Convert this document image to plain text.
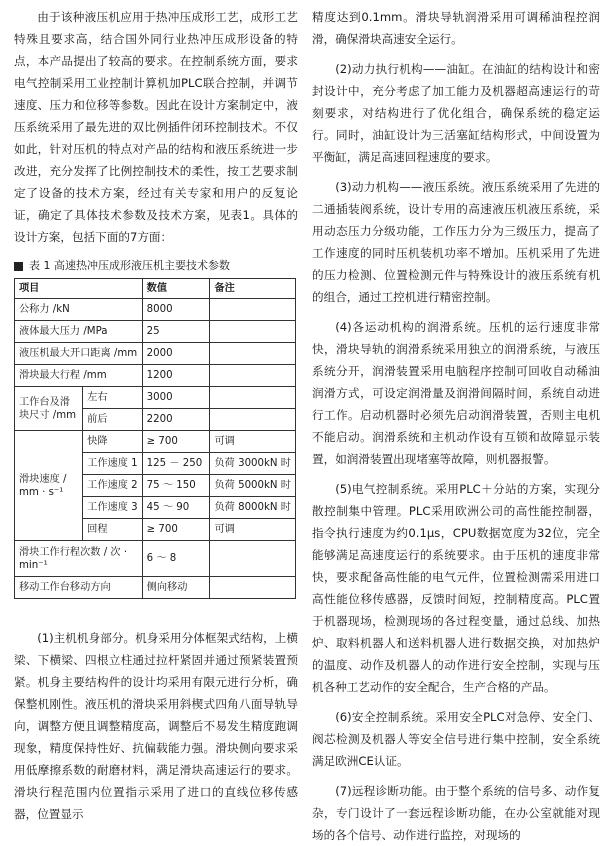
由于该种液压机应用于热冲压成形工艺，成形工艺特殊且要求高，结合国外同行业热冲压成形设备的特点，本产品提出了较高的要求。在控制系统方面，要求电气控制采用工业控制计算机加PLC联合控制，并调节速度、压力和位移等参数。因此在设计方案制定中，液压系统采用了最先进的双比例插件闭环控制技术。不仅如此，针对压机的特点对产品的结构和液压系统进一步改进，充分发挥了比例控制技术的柔性，按工艺要求制定了设备的技术方案，经过有关专家和用户的反复论证，确定了具体技术参数及技术方案，见表1。具体的设计方案，包括下面的7方面：

表 1 高速热冲压成形液压机主要技术参数
项目		数值	备注
公称力 /kN		8000	
液体最大压力 /MPa		25	
液压机最大开口距离 /mm		2000	
滑块最大行程 /mm		1200	
工作台及滑块尺寸 /mm	左右	3000	
	前后	2200	
滑块速度 / mm · s⁻¹	快降	≥ 700	可调
	工作速度 1	125 － 250	负荷 3000kN 时
	工作速度 2	75 ～ 150	负荷 5000kN 时
	工作速度 3	45 ～ 90	负荷 8000kN 时
	回程	≥ 700	可调
滑块工作行程次数 / 次 · min⁻¹		6 ～ 8	
移动工作台移动方向		侧向移动	

(1)主机机身部分。机身采用分体框架式结构，上横梁、下横梁、四根立柱通过拉杆紧固并通过预紧装置预紧。机身主要结构件的设计均采用有限元进行分析，确保整机刚性。液压机的滑块采用斜楔式四角八面导轨导向，调整方便且调整精度高，调整后不易发生精度跑调现象，精度保持性好、抗偏载能力强。滑块侧向要求采用低摩擦系数的耐磨材料，满足滑块高速运行的要求。滑块行程范围内位置指示采用了进口的直线位移传感器，位置显示

精度达到0.1mm。滑块导轨润滑采用可调稀油程控润滑，确保滑块高速安全运行。

(2)动力执行机构——油缸。在油缸的结构设计和密封设计中，充分考虑了加工能力及机器超高速运行的苛刻要求，对结构进行了优化组合，确保系统的稳定运行。同时，油缸设计为三活塞缸结构形式，中间设置为平衡缸，满足高速回程速度的要求。

(3)动力机构——液压系统。液压系统采用了先进的二通插装阀系统，设计专用的高速液压机液压系统，采用动态压力分级功能，工作压力分为三级压力，提高了工作速度的同时压机装机功率不增加。压机采用了先进的压力检测、位置检测元件与特殊设计的液压系统有机的组合，通过工控机进行精密控制。

(4)各运动机构的润滑系统。压机的运行速度非常快，滑块导轨的润滑系统采用独立的润滑系统，与液压系统分开，润滑装置采用电脑程序控制可回收自动稀油润滑方式，可设定润滑量及润滑间隔时间，系统自动进行工作。启动机器时必须先启动润滑装置，否则主电机不能启动。润滑系统和主机动作设有互锁和故障显示装置，如润滑装置出现堵塞等故障，则机器报警。

(5)电气控制系统。采用PLC＋分站的方案，实现分散控制集中管理。PLC采用欧洲公司的高性能控制器，指令执行速度为约0.1μs，CPU数据宽度为32位，完全能够满足高速度运行的系统要求。由于压机的速度非常快，要求配备高性能的电气元件，位置检测需采用进口高性能位移传感器，反馈时间短，控制精度高。PLC置于机器现场，检测现场的各过程变量，通过总线、加热炉、取料机器人和送料机器人进行数据交换，对加热炉的温度、动作及机器人的动作进行安全控制，实现与压机各种工艺动作的安全配合，生产合格的产品。

(6)安全控制系统。采用安全PLC对急停、安全门、阀芯检测及机器人等安全信号进行集中控制，安全系统满足欧洲CE认证。

(7)远程诊断功能。由于整个系统的信号多、动作复杂，专门设计了一套远程诊断功能，在办公室就能对现场的各个信号、动作进行监控，对现场的
